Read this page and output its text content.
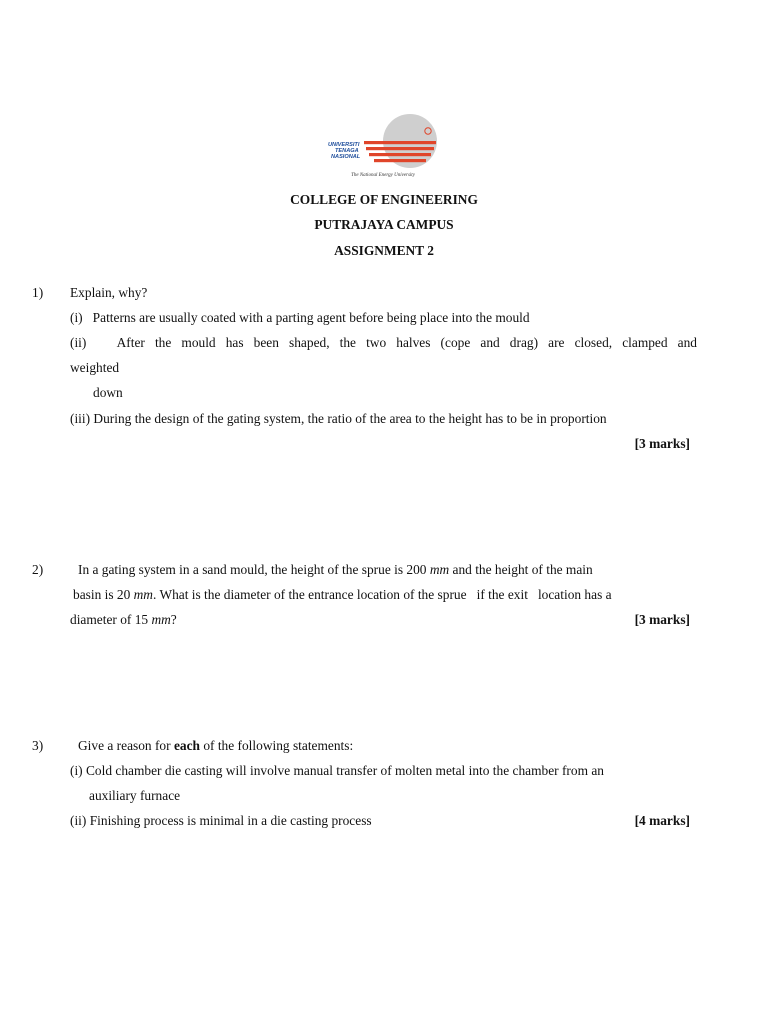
UNIVERSITI
TENAGA
NASIONAL
The National Energy University
COLLEGE OF ENGINEERING
PUTRAJAYA CAMPUS
ASSIGNMENT 2
1) Explain, why?
(i)   Patterns are usually coated with a parting agent before being place into the mould
(ii)   After the mould has been shaped, the two halves (cope and drag) are closed, clamped and
weighted
down
(iii) During the design of the gating system, the ratio of the area to the height has to be in proportion
[3 marks]
2)	In a gating system in a sand mould, the height of the sprue is 200 mm and the height of the main
basin is 20 mm. What is the diameter of the entrance location of the sprue   if the exit   location has a
diameter of 15 mm?	[3 marks]
3)	Give a reason for each of the following statements:
(i) Cold chamber die casting will involve manual transfer of molten metal into the chamber from an
auxiliary furnace
(ii) Finishing process is minimal in a die casting process	[4 marks]
